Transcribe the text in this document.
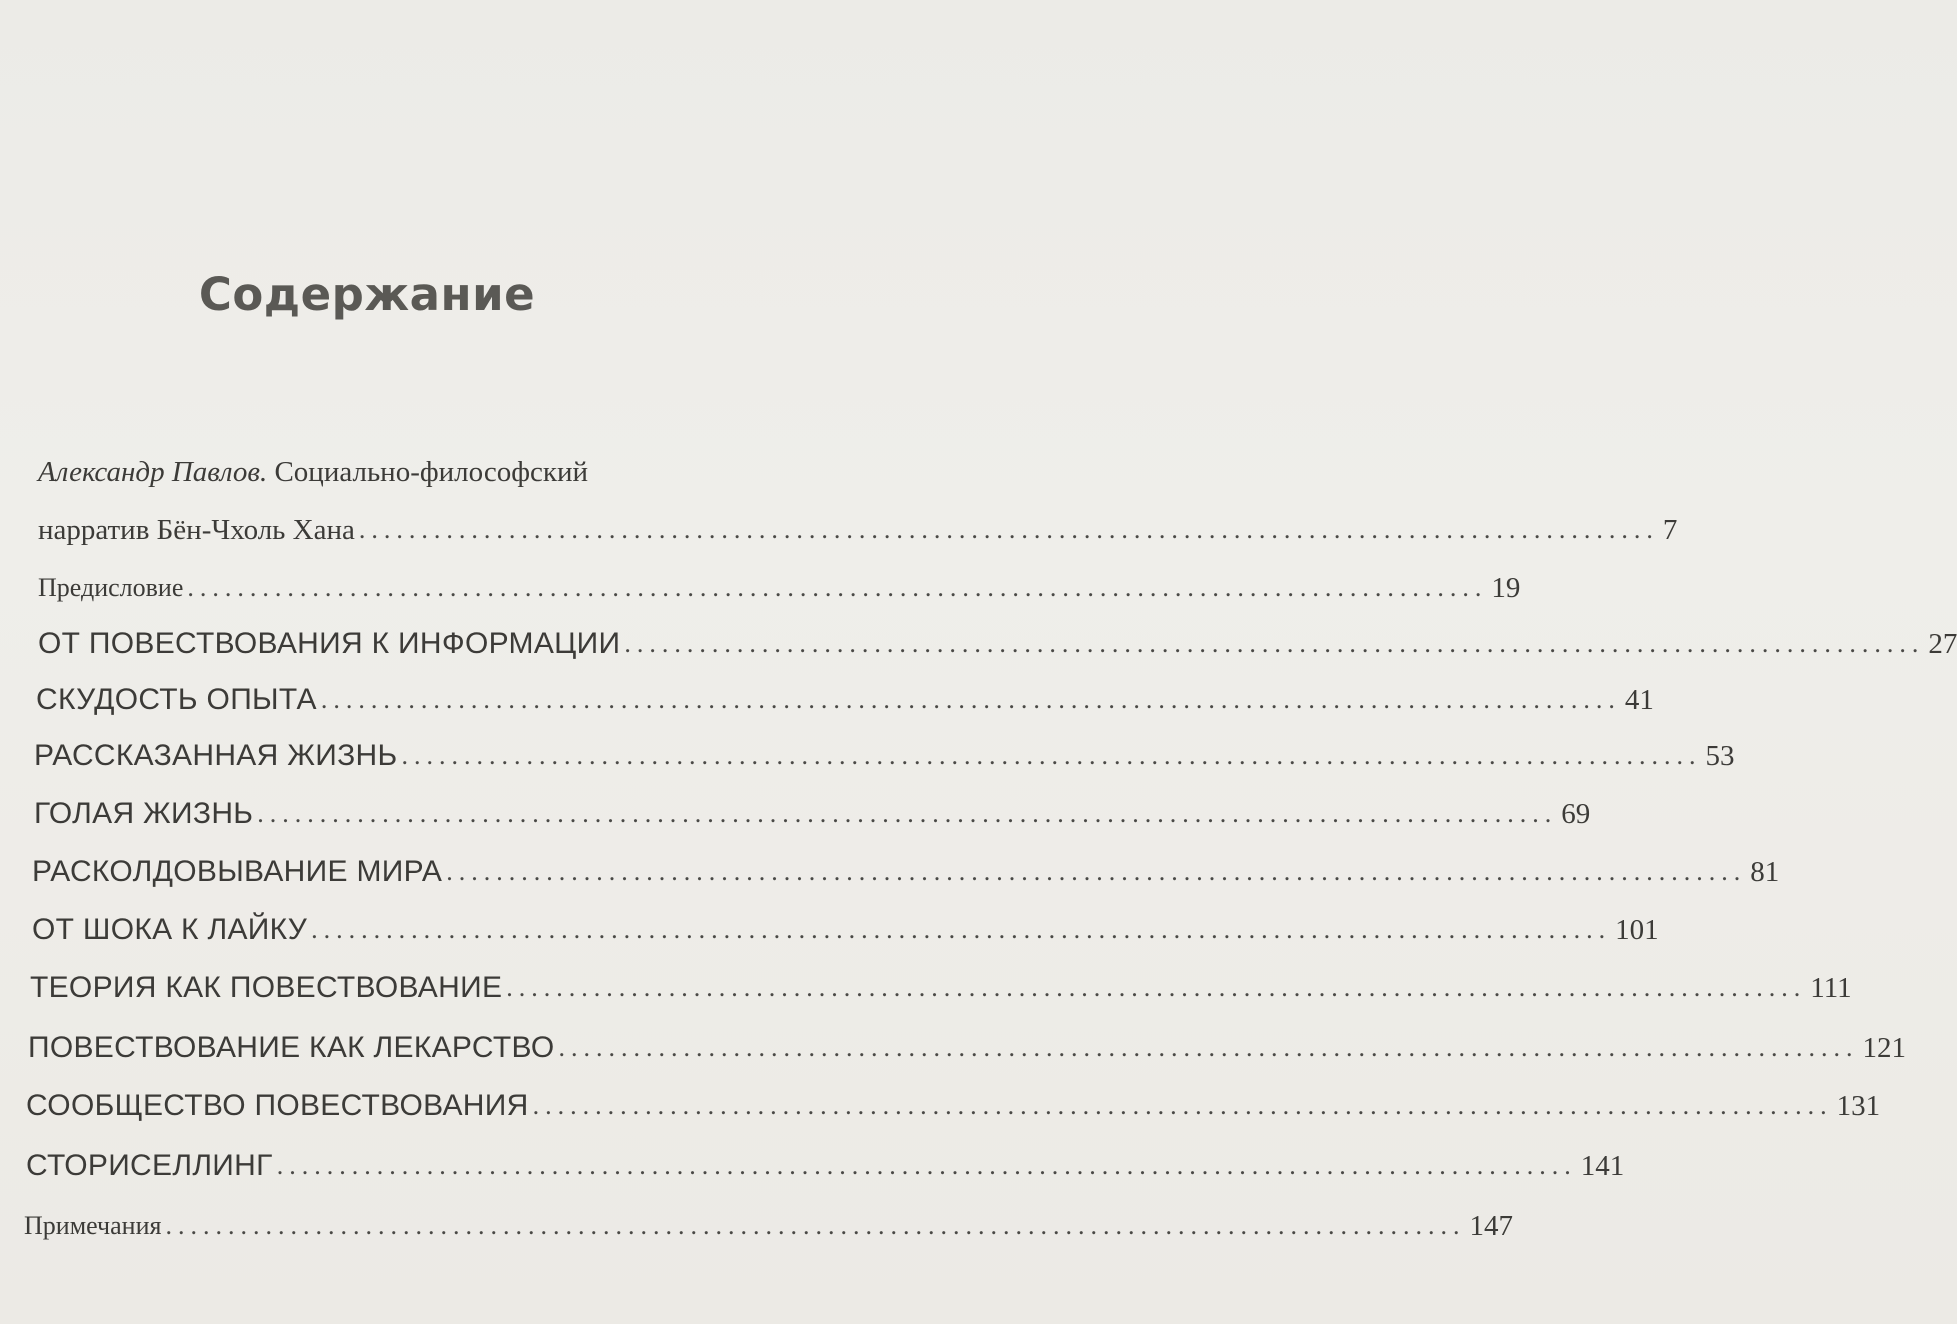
Содержание
Александр Павлов. Социально-философский
нарратив Бён-Чхоль Хана ........................................................................................................ 7
Предисловие ........................................................................................................ 19
ОТ ПОВЕСТВОВАНИЯ К ИНФОРМАЦИИ ........................................................................................................ 27
СКУДОСТЬ ОПЫТА ........................................................................................................ 41
РАССКАЗАННАЯ ЖИЗНЬ ........................................................................................................ 53
ГОЛАЯ ЖИЗНЬ ........................................................................................................ 69
РАСКОЛДОВЫВАНИЕ МИРА ........................................................................................................ 81
ОТ ШОКА К ЛАЙКУ ........................................................................................................ 101
ТЕОРИЯ КАК ПОВЕСТВОВАНИЕ ........................................................................................................ 111
ПОВЕСТВОВАНИЕ КАК ЛЕКАРСТВО ........................................................................................................ 121
СООБЩЕСТВО ПОВЕСТВОВАНИЯ ........................................................................................................ 131
СТОРИСЕЛЛИНГ ........................................................................................................ 141
Примечания ........................................................................................................ 147
